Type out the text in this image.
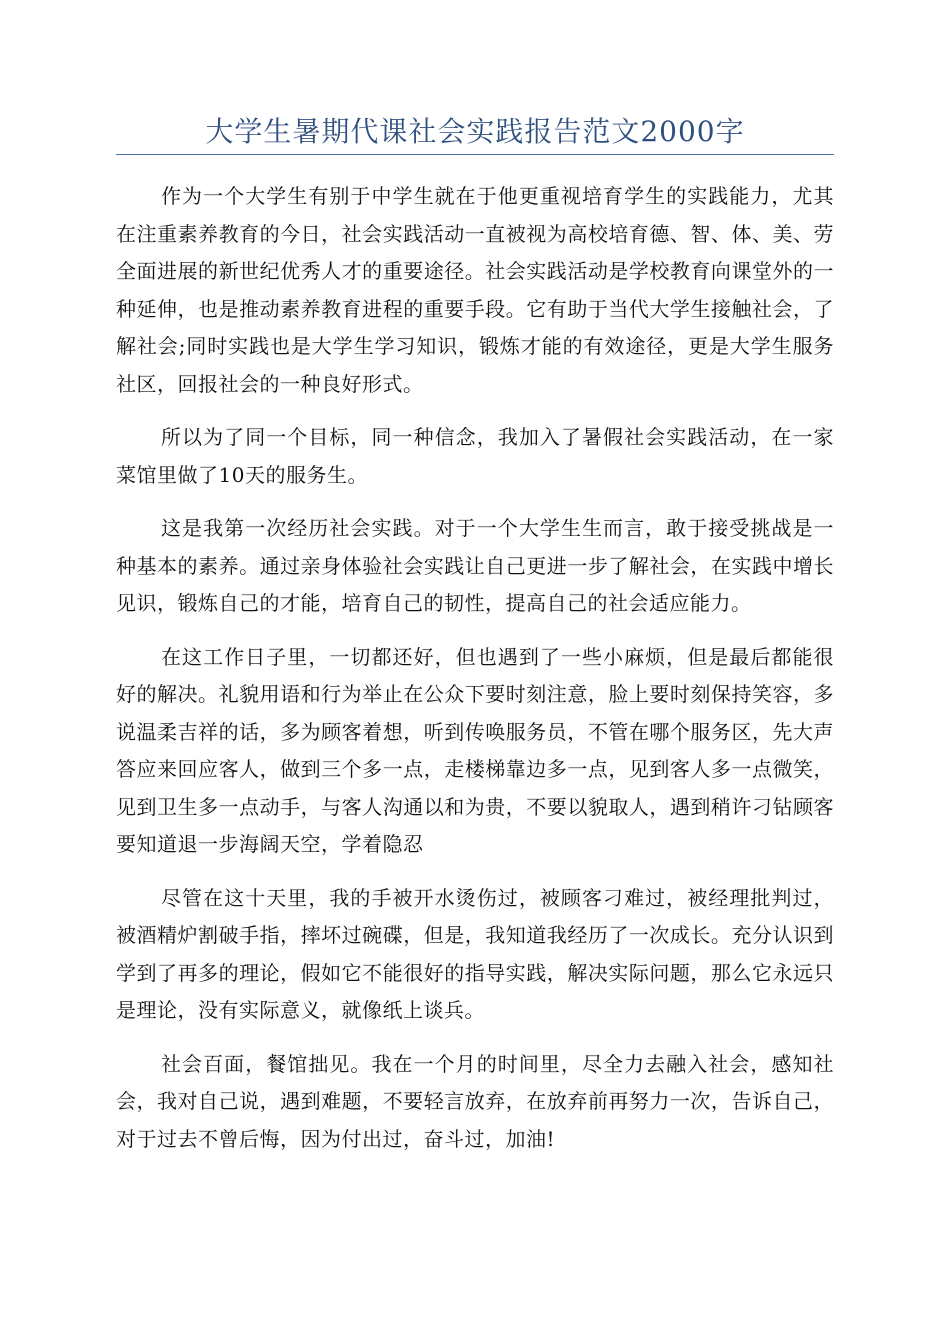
大学生暑期代课社会实践报告范文2000字

作为一个大学生有别于中学生就在于他更重视培育学生的实践能力，尤其在注重素养教育的今日，社会实践活动一直被视为高校培育德、智、体、美、劳全面进展的新世纪优秀人才的重要途径。社会实践活动是学校教育向课堂外的一种延伸，也是推动素养教育进程的重要手段。它有助于当代大学生接触社会，了解社会;同时实践也是大学生学习知识，锻炼才能的有效途径，更是大学生服务社区，回报社会的一种良好形式。

所以为了同一个目标，同一种信念，我加入了暑假社会实践活动，在一家菜馆里做了10天的服务生。

这是我第一次经历社会实践。对于一个大学生生而言，敢于接受挑战是一种基本的素养。通过亲身体验社会实践让自己更进一步了解社会，在实践中增长见识，锻炼自己的才能，培育自己的韧性，提高自己的社会适应能力。

在这工作日子里，一切都还好，但也遇到了一些小麻烦，但是最后都能很好的解决。礼貌用语和行为举止在公众下要时刻注意，脸上要时刻保持笑容，多说温柔吉祥的话，多为顾客着想，听到传唤服务员，不管在哪个服务区，先大声答应来回应客人，做到三个多一点，走楼梯靠边多一点，见到客人多一点微笑，见到卫生多一点动手，与客人沟通以和为贵，不要以貌取人，遇到稍许刁钻顾客要知道退一步海阔天空，学着隐忍

尽管在这十天里，我的手被开水烫伤过，被顾客刁难过，被经理批判过，被酒精炉割破手指，摔坏过碗碟，但是，我知道我经历了一次成长。充分认识到学到了再多的理论，假如它不能很好的指导实践，解决实际问题，那么它永远只是理论，没有实际意义，就像纸上谈兵。

社会百面，餐馆拙见。我在一个月的时间里，尽全力去融入社会，感知社会，我对自己说，遇到难题，不要轻言放弃，在放弃前再努力一次，告诉自己，对于过去不曾后悔，因为付出过，奋斗过，加油!
